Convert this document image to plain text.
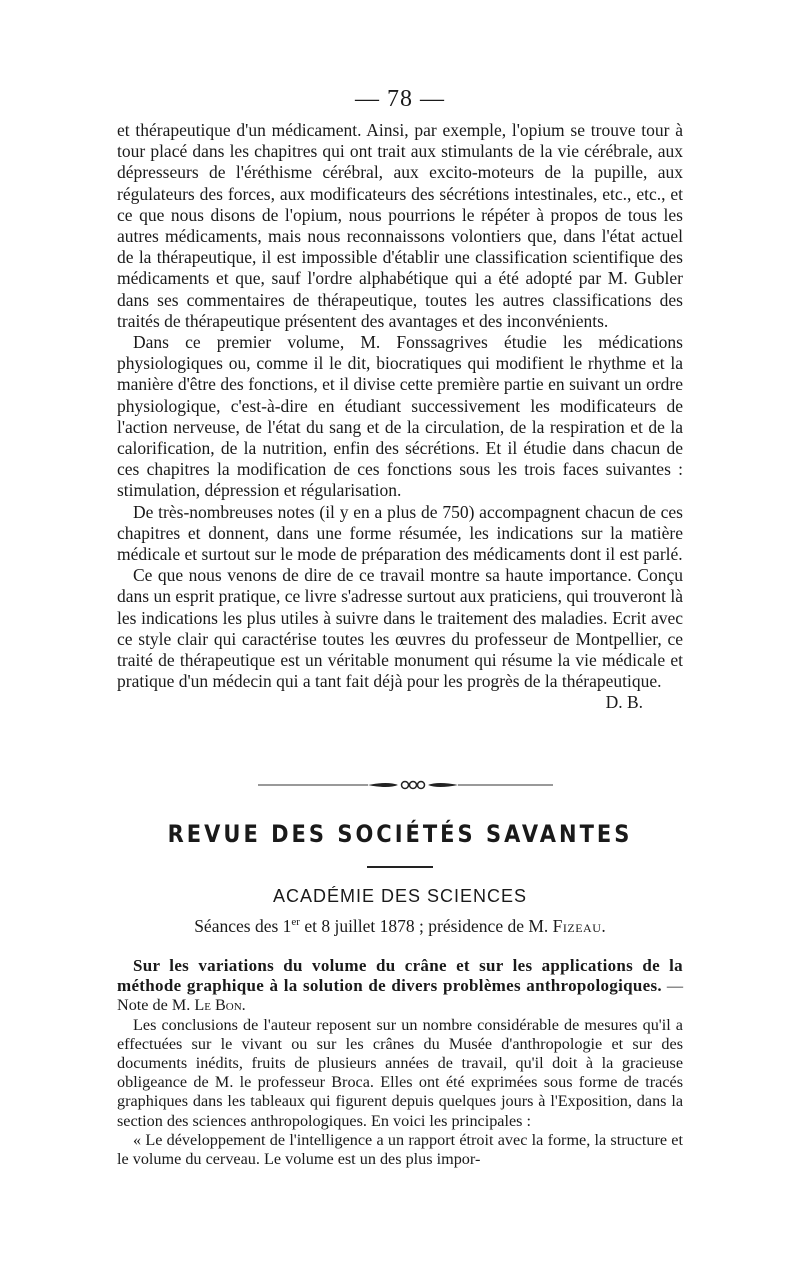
— 78 —

et thérapeutique d'un médicament. Ainsi, par exemple, l'opium se trouve tour à tour placé dans les chapitres qui ont trait aux stimulants de la vie cérébrale, aux dépresseurs de l'éréthisme cérébral, aux excito-moteurs de la pupille, aux régulateurs des forces, aux modificateurs des sécrétions intestinales, etc., etc., et ce que nous disons de l'opium, nous pourrions le répéter à propos de tous les autres médicaments, mais nous reconnaissons volontiers que, dans l'état actuel de la thérapeutique, il est impossible d'établir une classification scientifique des médicaments et que, sauf l'ordre alphabétique qui a été adopté par M. Gubler dans ses commentaires de thérapeutique, toutes les autres classifications des traités de thérapeutique présentent des avantages et des inconvénients.

Dans ce premier volume, M. Fonssagrives étudie les médications physiologiques ou, comme il le dit, biocratiques qui modifient le rhythme et la manière d'être des fonctions, et il divise cette première partie en suivant un ordre physiologique, c'est-à-dire en étudiant successivement les modificateurs de l'action nerveuse, de l'état du sang et de la circulation, de la respiration et de la calorification, de la nutrition, enfin des sécrétions. Et il étudie dans chacun de ces chapitres la modification de ces fonctions sous les trois faces suivantes : stimulation, dépression et régularisation.

De très-nombreuses notes (il y en a plus de 750) accompagnent chacun de ces chapitres et donnent, dans une forme résumée, les indications sur la matière médicale et surtout sur le mode de préparation des médicaments dont il est parlé.

Ce que nous venons de dire de ce travail montre sa haute importance. Conçu dans un esprit pratique, ce livre s'adresse surtout aux praticiens, qui trouveront là les indications les plus utiles à suivre dans le traitement des maladies. Ecrit avec ce style clair qui caractérise toutes les œuvres du professeur de Montpellier, ce traité de thérapeutique est un véritable monument qui résume la vie médicale et pratique d'un médecin qui a tant fait déjà pour les progrès de la thérapeutique.

D. B.
REVUE DES SOCIÉTÉS SAVANTES
ACADÉMIE DES SCIENCES
Séances des 1er et 8 juillet 1878 ; présidence de M. Fizeau.

Sur les variations du volume du crâne et sur les applications de la méthode graphique à la solution de divers problèmes anthropologiques. — Note de M. Le Bon.

Les conclusions de l'auteur reposent sur un nombre considérable de mesures qu'il a effectuées sur le vivant ou sur les crânes du Musée d'anthropologie et sur des documents inédits, fruits de plusieurs années de travail, qu'il doit à la gracieuse obligeance de M. le professeur Broca. Elles ont été exprimées sous forme de tracés graphiques dans les tableaux qui figurent depuis quelques jours à l'Exposition, dans la section des sciences anthropologiques. En voici les principales :

« Le développement de l'intelligence a un rapport étroit avec la forme, la structure et le volume du cerveau. Le volume est un des plus impor-
